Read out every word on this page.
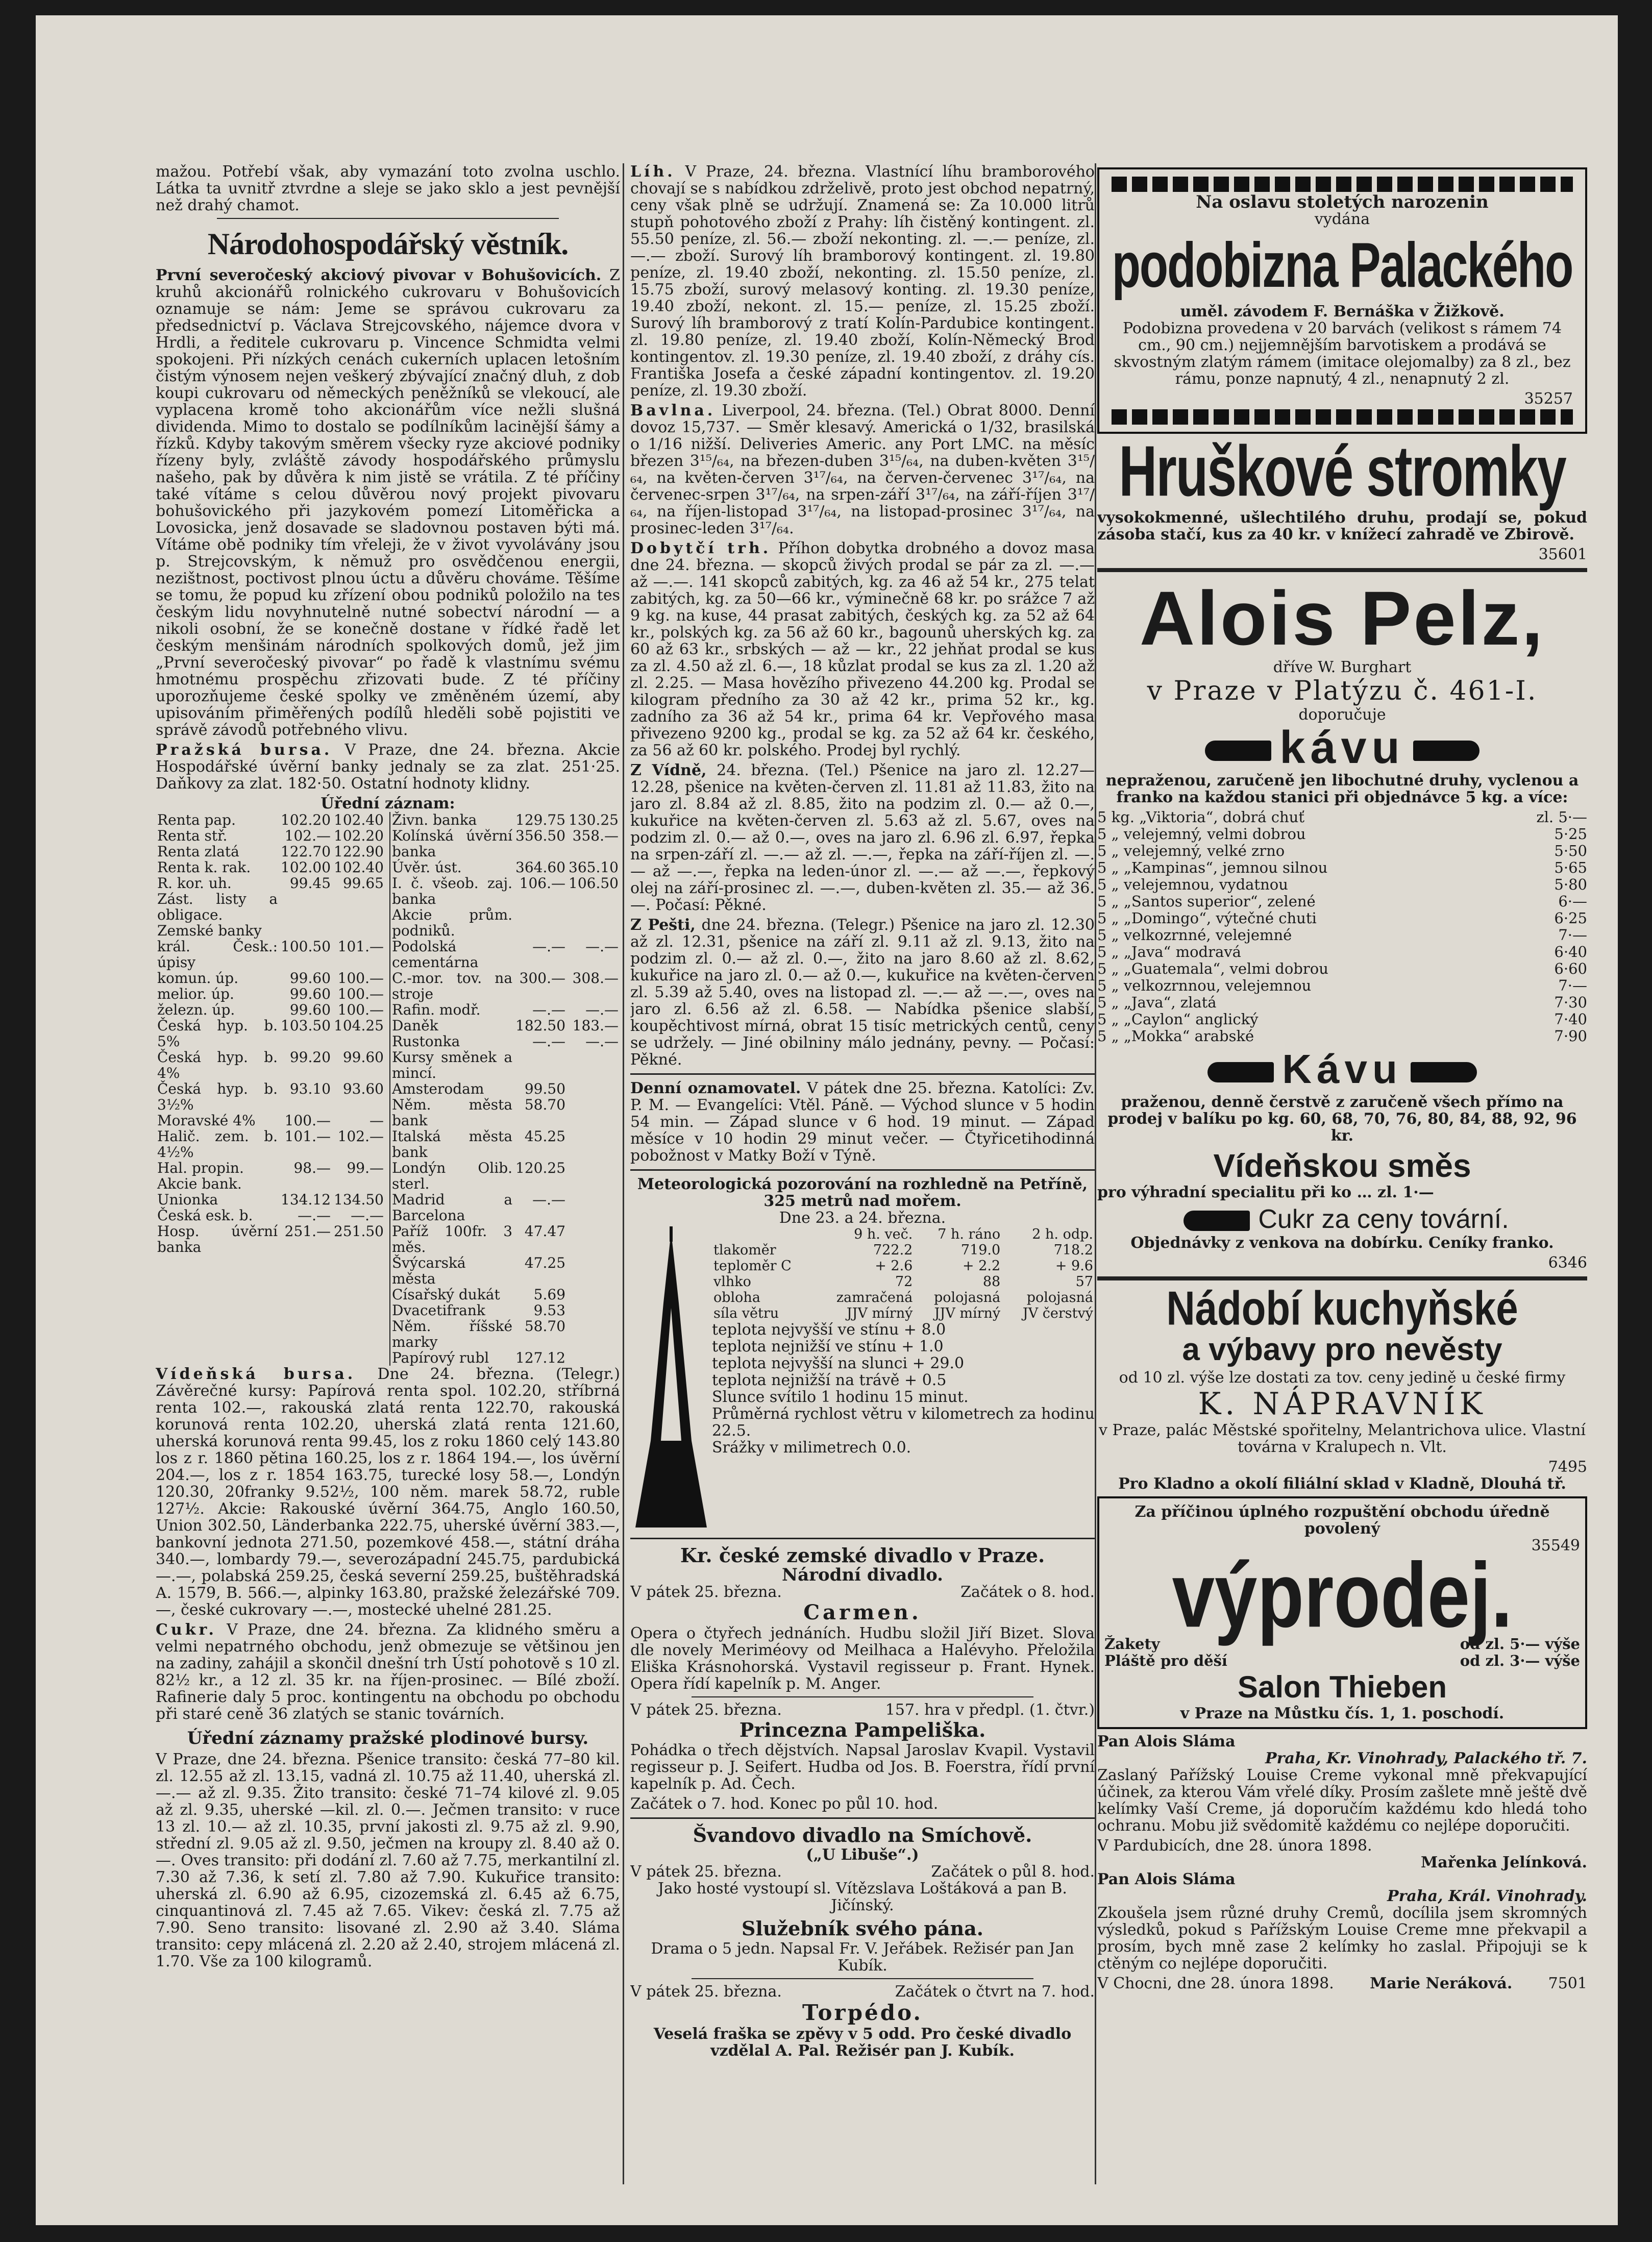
mažou. Potřebí však, aby vymazání toto zvolna uschlo. Látka ta uvnitř ztvrdne a sleje se jako sklo a jest pevnější než drahý chamot.

Národohospodářský věstník.

První severočeský akciový pivovar v Bohušovicích. Z kruhů akcionářů rolnického cukrovaru v Bohušovicích oznamuje se nám: Jeme se správou cukrovaru za předsednictví p. Václava Strejcovského, nájemce dvora v Hrdli, a ředitele cukrovaru p. Vincence Schmidta velmi spokojeni. Při nízkých cenách cukerních uplacen letošním čistým výnosem nejen veškerý zbývající značný dluh, z dob koupi cukrovaru od německých peněžníků se vlekoucí, ale vyplacena kromě toho akcionářům více nežli slušná dividenda. Mimo to dostalo se podílníkům lacinější šámy a řízků. Kdyby takovým směrem všecky ryze akciové podniky řízeny byly, zvláště závody hospodářského průmyslu našeho, pak by důvěra k nim jistě se vrátila. Z té příčiny také vítáme s celou důvěrou nový projekt pivovaru bohušovického při jazykovém pomezí Litoměřicka a Lovosicka, jenž dosavade se sladovnou postaven býti má. Vítáme obě podniky tím vřeleji, že v život vyvolávány jsou p. Strejcovským, k němuž pro osvědčenou energii, nezištnost, poctivost plnou úctu a důvěru chováme. Těšíme se tomu, že popud ku zřízení obou podniků položilo na tes českým lidu novyhnutelně nutné sobectví národní — a nikoli osobní, že se konečně dostane v řídké řadě let českým menšinám národních spolkových domů, jež jim „První severočeský pivovar“ po řadě k vlastnímu svému hmotnému prospěchu zřizovati bude. Z té příčiny uporozňujeme české spolky ve změněném území, aby upisováním přiměřených podílů hleděli sobě pojistiti ve správě závodů potřebného vlivu.

Pražská bursa. V Praze, dne 24. března. Akcie Hospodářské úvěrní banky jednaly se za zlat. 251·25. Daňkovy za zlat. 182·50. Ostatní hodnoty klidny.

Úřední záznam:
Renta pap.	102.20	102.40
Renta stř.	102.—	102.20
Renta zlatá	122.70	122.90
Renta k. rak.	102.00	102.40
R. kor. uh.	99.45	99.65
Zást. listy a obligace.		
Zemské banky		
král. Česk.: úpisy	100.50	101.—
komun. úp.	99.60	100.—
melior. úp.	99.60	100.—
železn. úp.	99.60	100.—
Česká hyp. b. 5%	103.50	104.25
Česká hyp. b. 4%	99.20	99.60
Česká hyp. b. 3½%	93.10	93.60
Moravské 4%	100.—	—
Halič. zem. b. 4½%	101.—	102.—
Hal. propin.	98.—	99.—
Akcie bank.		
Unionka	134.12	134.50
Česká esk. b.	—.—	—.—
Hosp. úvěrní banka	251.—	251.50
Živn. banka	129.75	130.25
Kolínská úvěrní banka	356.50	358.—
Úvěr. úst.	364.60	365.10
I. č. všeob. zaj. banka	106.—	106.50
Akcie prům. podniků.		
Podolská cementárna	—.—	—.—
C.-mor. tov. na stroje	300.—	308.—
Rafin. modř.	—.—	—.—
Daněk	182.50	183.—
Rustonka	—.—	—.—
Kursy směnek a mincí.		
Amsterodam	99.50	
Něm. města bank	58.70	
Italská města bank	45.25	
Londýn Olib. sterl.	120.25	
Madrid a Barcelona	—.—	
Paříž 100fr. 3 měs.	47.47	
Švýcarská města	47.25	
Císařský dukát	5.69	
Dvacetifrank	9.53	
Něm. říšské marky	58.70	
Papírový rubl	127.12	

Vídeňská bursa. Dne 24. března. (Telegr.) Závěrečné kursy: Papírová renta spol. 102.20, stříbrná renta 102.—, rakouská zlatá renta 122.70, rakouská korunová renta 102.20, uherská zlatá renta 121.60, uherská korunová renta 99.45, los z roku 1860 celý 143.80 los z r. 1860 pětina 160.25, los z r. 1864 194.—, los úvěrní 204.—, los z r. 1854 163.75, turecké losy 58.—, Londýn 120.30, 20franky 9.52½, 100 něm. marek 58.72, ruble 127½. Akcie: Rakouské úvěrní 364.75, Anglo 160.50, Union 302.50, Länderbanka 222.75, uherské úvěrní 383.—, bankovní jednota 271.50, pozemkové 458.—, státní dráha 340.—, lombardy 79.—, severozápadní 245.75, pardubická —.—, polabská 259.25, česká severní 259.25, buštěhradská A. 1579, B. 566.—, alpinky 163.80, pražské železářské 709.—, české cukrovary —.—, mostecké uhelné 281.25.

Cukr. V Praze, dne 24. března. Za klidného směru a velmi nepatrného obchodu, jenž obmezuje se většinou jen na zadiny, zahájil a skončil dnešní trh Ústí pohotově s 10 zl. 82½ kr., a 12 zl. 35 kr. na říjen-prosinec. — Bílé zboží. Rafinerie daly 5 proc. kontingentu na obchodu po obchodu při staré ceně 36 zlatých se stanic továrních.

Úřední záznamy pražské plodinové bursy.

V Praze, dne 24. března. Pšenice transito: česká 77–80 kil. zl. 12.55 až zl. 13.15, vadná zl. 10.75 až 11.40, uherská zl. —.— až zl. 9.35. Žito transito: české 71–74 kilové zl. 9.05 až zl. 9.35, uherské —kil. zl. 0.—. Ječmen transito: v ruce 13 zl. 10.— až zl. 10.35, první jakosti zl. 9.75 až zl. 9.90, střední zl. 9.05 až zl. 9.50, ječmen na kroupy zl. 8.40 až 0.—. Oves transito: při dodání zl. 7.60 až 7.75, merkantilní zl. 7.30 až 7.36, k setí zl. 7.80 až 7.90. Kukuřice transito: uherská zl. 6.90 až 6.95, cizozemská zl. 6.45 až 6.75, cinquantinová zl. 7.45 až 7.65. Vikev: česká zl. 7.75 až 7.90. Seno transito: lisované zl. 2.90 až 3.40. Sláma transito: cepy mlácená zl. 2.20 až 2.40, strojem mlácená zl. 1.70. Vše za 100 kilogramů.

Líh. V Praze, 24. března. Vlastnící líhu bramborového chovají se s nabídkou zdrželivě, proto jest obchod nepatrný, ceny však plně se udržují. Znamená se: Za 10.000 litrů stupň pohotového zboží z Prahy: líh čistěný kontingent. zl. 55.50 peníze, zl. 56.— zboží nekonting. zl. —.— peníze, zl. —.— zboží. Surový líh bramborový kontingent. zl. 19.80 peníze, zl. 19.40 zboží, nekonting. zl. 15.50 peníze, zl. 15.75 zboží, surový melasový konting. zl. 19.30 peníze, 19.40 zboží, nekont. zl. 15.— peníze, zl. 15.25 zboží. Surový líh bramborový z tratí Kolín-Pardubice kontingent. zl. 19.80 peníze, zl. 19.40 zboží, Kolín-Německý Brod kontingentov. zl. 19.30 peníze, zl. 19.40 zboží, z dráhy cís. Františka Josefa a české západní kontingentov. zl. 19.20 peníze, zl. 19.30 zboží.

Bavlna. Liverpool, 24. března. (Tel.) Obrat 8000. Denní dovoz 15,737. — Směr klesavý. Americká o 1/32, brasilská o 1/16 nižší. Deliveries Americ. any Port LMC. na měsíc březen 3¹⁵/₆₄, na březen-duben 3¹⁵/₆₄, na duben-květen 3¹⁵/₆₄, na květen-červen 3¹⁷/₆₄, na červen-červenec 3¹⁷/₆₄, na červenec-srpen 3¹⁷/₆₄, na srpen-září 3¹⁷/₆₄, na září-říjen 3¹⁷/₆₄, na říjen-listopad 3¹⁷/₆₄, na listopad-prosinec 3¹⁷/₆₄, na prosinec-leden 3¹⁷/₆₄.

Dobytčí trh. Příhon dobytka drobného a dovoz masa dne 24. března. — skopců živých prodal se pár za zl. —.— až —.—. 141 skopců zabitých, kg. za 46 až 54 kr., 275 telat zabitých, kg. za 50—66 kr., výminečně 68 kr. po srážce 7 až 9 kg. na kuse, 44 prasat zabitých, českých kg. za 52 až 64 kr., polských kg. za 56 až 60 kr., bagounů uherských kg. za 60 až 63 kr., srbských — až — kr., 22 jehňat prodal se kus za zl. 4.50 až zl. 6.—, 18 kůzlat prodal se kus za zl. 1.20 až zl. 2.25. — Masa hovězího přivezeno 44.200 kg. Prodal se kilogram předního za 30 až 42 kr., prima 52 kr., kg. zadního za 36 až 54 kr., prima 64 kr. Vepřového masa přivezeno 9200 kg., prodal se kg. za 52 až 64 kr. českého, za 56 až 60 kr. polského. Prodej byl rychlý.

Z Vídně, 24. března. (Tel.) Pšenice na jaro zl. 12.27—12.28, pšenice na květen-červen zl. 11.81 až 11.83, žito na jaro zl. 8.84 až zl. 8.85, žito na podzim zl. 0.— až 0.—, kukuřice na květen-červen zl. 5.63 až zl. 5.67, oves na podzim zl. 0.— až 0.—, oves na jaro zl. 6.96 zl. 6.97, řepka na srpen-září zl. —.— až zl. —.—, řepka na září-říjen zl. —.— až —.—, řepka na leden-únor zl. —.— až —.—, řepkový olej na září-prosinec zl. —.—, duben-květen zl. 35.— až 36.—. Počasí: Pěkné.

Z Pešti, dne 24. března. (Telegr.) Pšenice na jaro zl. 12.30 až zl. 12.31, pšenice na září zl. 9.11 až zl. 9.13, žito na podzim zl. 0.— až zl. 0.—, žito na jaro 8.60 až zl. 8.62, kukuřice na jaro zl. 0.— až 0.—, kukuřice na květen-červen zl. 5.39 až 5.40, oves na listopad zl. —.— až —.—, oves na jaro zl. 6.56 až zl. 6.58. — Nabídka pšenice slabší, koupěchtivost mírná, obrat 15 tisíc metrických centů, ceny se udržely. — Jiné obilniny málo jednány, pevny. — Počasí: Pěkné.

Denní oznamovatel. V pátek dne 25. března. Katolíci: Zv. P. M. — Evangelíci: Vtěl. Páně. — Východ slunce v 5 hodin 54 min. — Západ slunce v 6 hod. 19 minut. — Západ měsíce v 10 hodin 29 minut večer. — Čtyřicetihodinná pobožnost v Matky Boží v Týně.

Meteorologická pozorování na rozhledně na Petříně,
325 metrů nad mořem.
Dne 23. a 24. března.
	9 h. več.	7 h. ráno	2 h. odp.
tlakoměr	722.2	719.0	718.2
teploměr C	+ 2.6	+ 2.2	+ 9.6
vlhko	72	88	57
obloha	zamračená	polojasná	polojasná
síla větru	JJV mírný	JJV mírný	JV čerstvý
teplota nejvyšší ve stínu + 8.0
teplota nejnižší ve stínu + 1.0
teplota nejvyšší na slunci + 29.0
teplota nejnižší na trávě + 0.5
Slunce svítilo 1 hodinu 15 minut.
Průměrná rychlost větru v kilometrech za hodinu 22.5.
Srážky v milimetrech 0.0.
Kr. české zemské divadlo v Praze.
Národní divadlo.
V pátek 25. března.	Začátek o 8. hod.
Carmen.

Opera o čtyřech jednáních. Hudbu složil Jiří Bizet. Slova dle novely Meriméovy od Meilhaca a Halévyho. Přeložila Eliška Krásnohorská. Vystavil regisseur p. Frant. Hynek. Opera řídí kapelník p. M. Anger.

V pátek 25. března.	157. hra v předpl. (1. čtvr.)
Princezna Pampeliška.

Pohádka o třech dějstvích. Napsal Jaroslav Kvapil. Vystavil regisseur p. J. Seifert. Hudba od Jos. B. Foerstra, řídí první kapelník p. Ad. Čech.

Začátek o 7. hod. Konec po půl 10. hod.

Švandovo divadlo na Smíchově.
(„U Libuše“.)
V pátek 25. března.	Začátek o půl 8. hod.

Jako hosté vystoupí sl. Vítězslava Loštáková a pan B. Jičínský.

Služebník svého pána.

Drama o 5 jedn. Napsal Fr. V. Jeřábek. Režisér pan Jan Kubík.

V pátek 25. března.	Začátek o čtvrt na 7. hod.
Torpédo.

Veselá fraška se zpěvy v 5 odd. Pro české divadlo vzdělal A. Pal. Režisér pan J. Kubík.

Na oslavu stoletých narozenin
vydána
podobizna Palackého
uměl. závodem F. Bernáška v Žižkově.

Podobizna provedena v 20 barvách (velikost s rámem 74 cm., 90 cm.) nejjemnějším barvotiskem a prodává se skvostným zlatým rámem (imitace olejomalby) za 8 zl., bez rámu, ponze napnutý, 4 zl., nenapnutý 2 zl.

35257
Hruškové stromky

vysokokmenné, ušlechtilého druhu, prodají se, pokud zásoba stačí, kus za 40 kr. v knížecí zahradě ve Zbirově.

35601
Alois Pelz,
dříve W. Burghart
v Praze v Platýzu č. 461-I.
doporučuje
kávu

nepraženou, zaručeně jen libochutné druhy, vyclenou a franko na každou stanici při objednávce 5 kg. a více:

5 kg. „Viktoria“, dobrá chuť	zl. 5·—
5 „ velejemný, velmi dobrou	5·25
5 „ velejemný, velké zrno	5·50
5 „ „Kampinas“, jemnou silnou	5·65
5 „ velejemnou, vydatnou	5·80
5 „ „Santos superior“, zelené	6·—
5 „ „Domingo“, výtečné chuti	6·25
5 „ velkozrnné, velejemné	7·—
5 „ „Java“ modravá	6·40
5 „ „Guatemala“, velmi dobrou	6·60
5 „ velkozrnnou, velejemnou	7·—
5 „ „Java“, zlatá	7·30
5 „ „Caylon“ anglický	7·40
5 „ „Mokka“ arabské	7·90
Kávu

praženou, denně čerstvě z zaručeně všech přímo na prodej v balíku po kg. 60, 68, 70, 76, 80, 84, 88, 92, 96 kr.

Vídeňskou směs

pro výhradní specialitu při ko … zl. 1·—

Cukr za ceny tovární.

Objednávky z venkova na dobírku. Ceníky franko.

6346
Nádobí kuchyňské
a výbavy pro nevěsty
od 10 zl. výše lze dostati za tov. ceny jedině u české firmy
K. NÁPRAVNÍK

v Praze, palác Městské spořitelny, Melantrichova ulice. Vlastní továrna v Kralupech n. Vlt.

7495
Pro Kladno a okolí filiální sklad v Kladně, Dlouhá tř.
Za příčinou úplného rozpuštění obchodu úředně povolený
35549
výprodej.
Žakety	od zl. 5·— výše
Pláště pro děší	od zl. 3·— výše
Salon Thieben
v Praze na Můstku čís. 1, 1. poschodí.
Pan Alois Sláma
Praha, Kr. Vinohrady, Palackého tř. 7.

Zaslaný Pařížský Louise Creme vykonal mně překvapující účinek, za kterou Vám vřelé díky. Prosím zašlete mně ještě dvě kelímky Vaší Creme, já doporučím každému kdo hledá toho ochranu. Mobu již svědomitě každému co nejlépe doporučiti.

V Pardubicích, dne 28. února 1898.
Mařenka Jelínková.
Pan Alois Sláma
Praha, Král. Vinohrady.

Zkoušela jsem různé druhy Cremů, docílila jsem skromných výsledků, pokud s Pařížským Louise Creme mne překvapil a prosím, bych mně zase 2 kelímky ho zaslal. Připojuji se k ctěným co nejlépe doporučiti.

V Chocni, dne 28. února 1898. Marie Neráková. 7501
